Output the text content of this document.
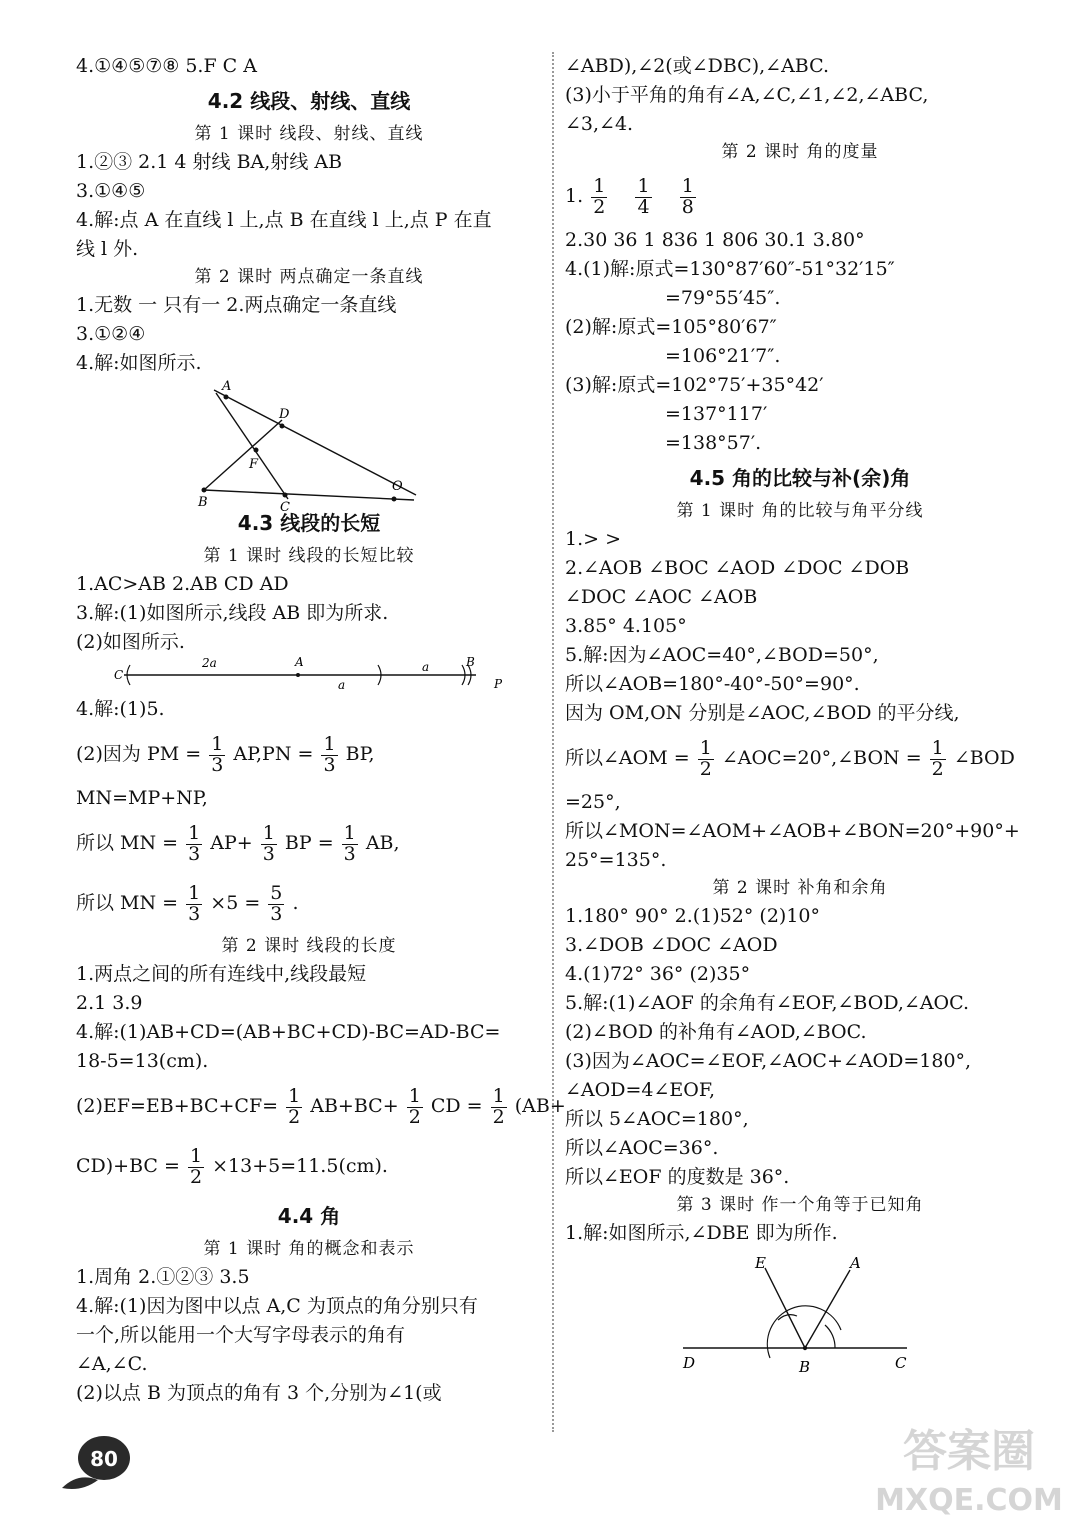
4.①④⑤⑦⑧ 5.F C A
4.2 线段、射线、直线
第 1 课时 线段、射线、直线
1.②③ 2.1 4 射线 BA,射线 AB
3.①④⑤
4.解:点 A 在直线 l 上,点 B 在直线 l 上,点 P 在直
线 l 外.
第 2 课时 两点确定一条直线
1.无数 一 只有一 2.两点确定一条直线
3.①②④
4.解:如图所示.
A
D
F
B	C
O
4.3 线段的长短
第 1 课时 线段的长短比较
1.AC>AB 2.AB CD AD
3.解:(1)如图所示,线段 AB 即为所求.
(2)如图所示.
C
2a	A
a
a	B
P
4.解:(1)5.
(2)因为 PM = $\frac{1}{3} AP,PN = \frac{1}{3}$ BP,
MN=MP+NP,
所以 MN = $\frac{1}{3} AP+ \frac{1}{3}$ BP = $\frac{1}{3}$ AB,
所以 MN = $\frac{1}{3} \times 5 = \frac{5}{3}$ .
第 2 课时 线段的长度
1.两点之间的所有连线中,线段最短
2.1 3.9
4.解:(1)AB+CD=(AB+BC+CD)-BC=AD-BC=
18-5=13(cm).
$(2)EF=EB+BC+CF= \frac{1}{2} AB+BC+ \frac{1}{2}$ CD = $\frac{1}{2} (AB+$
$CD)+BC = \frac{1}{2} \times 13+5=11.5(cm)$.
4.4 角
第 1 课时 角的概念和表示
1.周角 2.①②③ 3.5
4.解:(1)因为图中以点 A,C 为顶点的角分别只有
一个,所以能用一个大写字母表示的角有
∠A,∠C.
(2)以点 B 为顶点的角有 3 个,分别为∠1(或
∠ABD),∠2(或∠DBC),∠ABC.
(3)小于平角的角有∠A,∠C,∠1,∠2,∠ABC,
∠3,∠4.
第 2 课时 角的度量
1. $\frac{1}{2}$
$\frac{1}{4}$
$\frac{1}{8}$
2.30 36 1 836 1 806 30.1 3.80°
4.(1)解:原式=130°87′60″-51°32′15″
=79°55′45″.
(2)解:原式=105°80′67″
=106°21′7″.
(3)解:原式=102°75′+35°42′
=137°117′
=138°57′.
4.5 角的比较与补(余)角
第 1 课时 角的比较与角平分线
1.> >
2.∠AOB ∠BOC ∠AOD ∠DOC ∠DOB
∠DOC ∠AOC ∠AOB
3.85° 4.105°
5.解:因为∠AOC=40°,∠BOD=50°,
所以∠AOB=180°-40°-50°=90°.
因为 OM,ON 分别是∠AOC,∠BOD 的平分线,
所以∠AOM = $\frac{1}{2}$ ∠AOC=20°,∠BON = $\frac{1}{2}$ ∠BOD
=25°,
所以∠MON=∠AOM+∠AOB+∠BON=20°+90°+
25°=135°.
第 2 课时 补角和余角
1.180° 90° 2.(1)52° (2)10°
3.∠DOB ∠DOC ∠AOD
4.(1)72° 36° (2)35°
5.解:(1)∠AOF 的余角有∠EOF,∠BOD,∠AOC.
(2)∠BOD 的补角有∠AOD,∠BOC.
(3)因为∠AOC=∠EOF,∠AOC+∠AOD=180°,
∠AOD=4∠EOF,
所以 5∠AOC=180°,
所以∠AOC=36°.
所以∠EOF 的度数是 36°.
第 3 课时 作一个角等于已知角
1.解:如图所示,∠DBE 即为所作.
E	A
D	B	C
80	答案圈
MXQE.COM
